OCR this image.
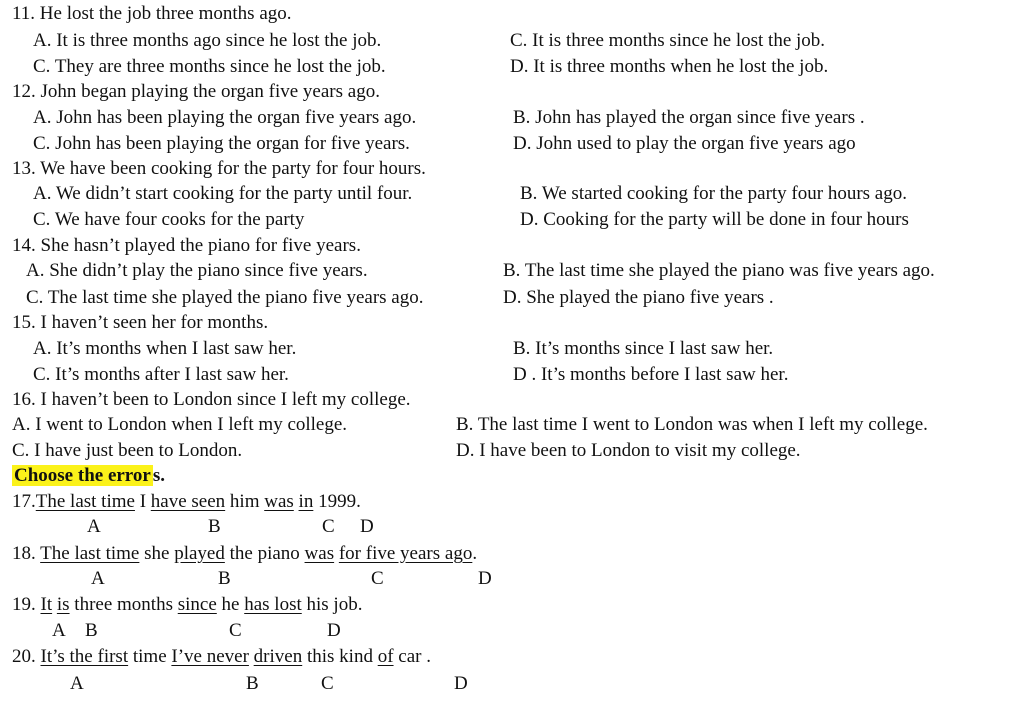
11. He lost the job three months ago.
A. It is three months ago since he lost the job.	C. It is three months since he lost the job.
C. They are three months since he lost the job.	D. It is three months when he lost the job.
12. John began playing the organ five years ago.
A. John has been playing the organ five years ago.	B. John has played the organ since five years .
C. John has been playing the organ for five years.	D. John used to play the organ five years ago
13. We have been cooking for the party for four hours.
A. We didn’t start cooking for the party until four.	B. We started cooking for the party four hours ago.
C. We have four cooks for the party	D. Cooking for the party will be done in four hours
14. She hasn’t played the piano for five years.
A. She didn’t play the piano since five years.	B. The last time she played the piano was five years ago.
C. The last time she played the piano five years ago.	D. She played the piano five years .
15. I haven’t seen her for months.
A. It’s months when I last saw her.	B. It’s months since I last saw her.
C. It’s months after I last saw her.	D . It’s months before I last saw her.
16. I haven’t been to London since I left my college.
A. I went to London when I left my college.	B. The last time I went to London was when I left my college.
C. I have just been to London.	D. I have been to London to visit my college.
Choose the error s.
17.The last time I have seen him was in 1999.
A	B	C D
18. The last time she played the piano was for five years ago.
A	B	C	D
19. It is three months since he has lost his job.
A B	C	D
20. It’s the first time I’ve never driven this kind of car .
A	B	C	D
